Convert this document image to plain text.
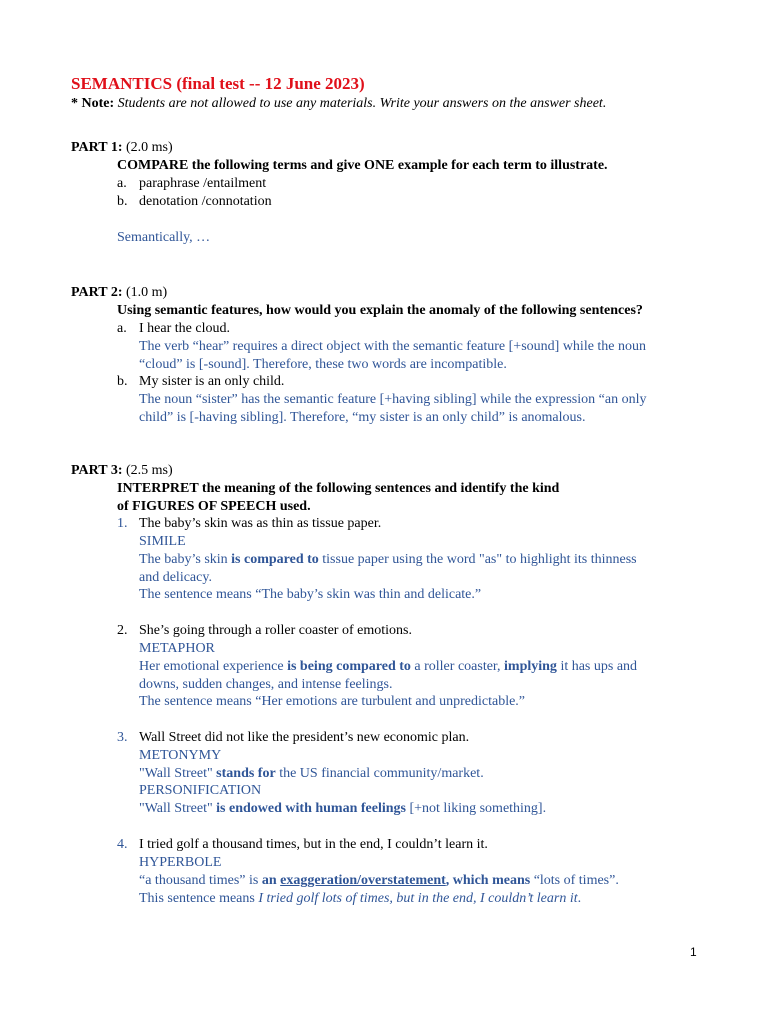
SEMANTICS (final test -- 12 June 2023)
* Note: Students are not allowed to use any materials. Write your answers on the answer sheet.
PART 1: (2.0 ms)
COMPARE the following terms and give ONE example for each term to illustrate.
a. paraphrase /entailment
b. denotation /connotation
Semantically, …
PART 2: (1.0 m)
Using semantic features, how would you explain the anomaly of the following sentences?
a. I hear the cloud.
The verb “hear” requires a direct object with the semantic feature [+sound] while the noun
“cloud” is [-sound]. Therefore, these two words are incompatible.
b. My sister is an only child.
The noun “sister” has the semantic feature [+having sibling] while the expression “an only
child” is [-having sibling]. Therefore, “my sister is an only child” is anomalous.
PART 3: (2.5 ms)
INTERPRET the meaning of the following sentences and identify the kind
of FIGURES OF SPEECH used.
1. The baby’s skin was as thin as tissue paper.
SIMILE
The baby’s skin is compared to tissue paper using the word "as" to highlight its thinness
and delicacy.
The sentence means “The baby’s skin was thin and delicate.”
2. She’s going through a roller coaster of emotions.
METAPHOR
Her emotional experience is being compared to a roller coaster, implying it has ups and
downs, sudden changes, and intense feelings.
The sentence means “Her emotions are turbulent and unpredictable.”
3. Wall Street did not like the president’s new economic plan.
METONYMY
"Wall Street" stands for the US financial community/market.
PERSONIFICATION
"Wall Street" is endowed with human feelings [+not liking something].
4. I tried golf a thousand times, but in the end, I couldn’t learn it.
HYPERBOLE
“a thousand times” is an exaggeration/overstatement, which means “lots of times”.
This sentence means I tried golf lots of times, but in the end, I couldn’t learn it.
1
